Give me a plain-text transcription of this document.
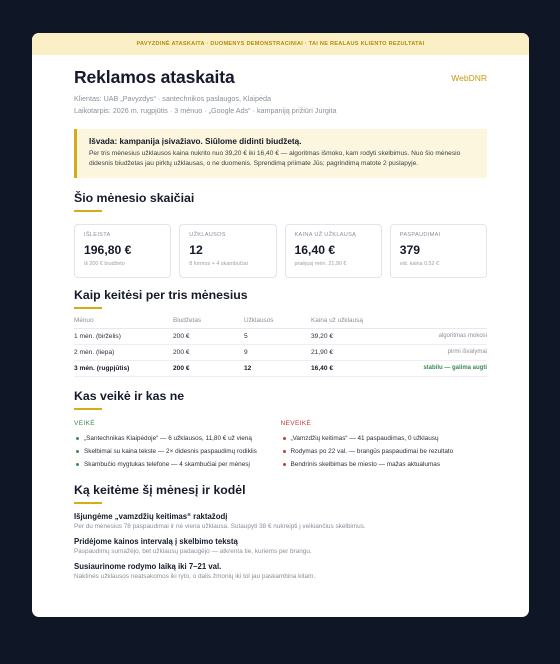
PAVYZDINĖ ATASKAITA · DUOMENYS DEMONSTRACINIAI · TAI NE REALAUS KLIENTO REZULTATAI
Reklamos ataskaita	WebDNR
Klientas: UAB „Pavyzdys“ · santechnikos paslaugos, Klaipėda
Laikotarpis: 2026 m. rugpjūtis · 3 mėnuo · „Google Ads“ · kampaniją prižiūri Jurgita
Išvada: kampanija įsivažiavo. Siūlome didinti biudžetą.
Per tris mėnesius užklausos kaina nukrito nuo 39,20 € iki 16,40 € — algoritmas išmoko, kam rodyti skelbimus. Nuo šio mėnesio didesnis biudžetas jau pirktų užklausas, o ne duomenis. Sprendimą priimate Jūs; pagrindimą matote 2 puslapyje.
Šio mėnesio skaičiai
IŠLEISTA
196,80 €
iš 200 € biudžeto
UŽKLAUSOS
12
8 formos + 4 skambučiai
KAINA UŽ UŽKLAUSĄ
16,40 €
praėjusį mėn. 21,90 €
PASPAUDIMAI
379
vid. kaina 0,52 €
Kaip keitėsi per tris mėnesius
Mėnuo	Biudžetas	Užklausos	Kaina už užklausą	
1 mėn. (birželis)	200 €	5	39,20 €	algoritmas mokosi
2 mėn. (liepa)	200 €	9	21,90 €	pirmi išvalymai
3 mėn. (rugpjūtis)	200 €	12	16,40 €	stabilu — galima augti
Kas veikė ir kas ne
VEIKĖ
„Santechnikas Klaipėdoje“ — 6 užklausos, 11,80 € už vieną
Skelbimai su kaina tekste — 2× didesnis paspaudimų rodiklis
Skambučio mygtukas telefone — 4 skambučiai per mėnesį
NEVEIKĖ
„Vamzdžių keitimas“ — 41 paspaudimas, 0 užklausų
Rodymas po 22 val. — brangūs paspaudimai be rezultato
Bendrinis skelbimas be miesto — mažas aktualumas
Ką keitėme šį mėnesį ir kodėl
Išjungėme „vamzdžių keitimas“ raktažodį
Per du mėnesius 78 paspaudimai ir nė viena užklausa. Sutaupyti 38 € nukreipti į veikiančius skelbimus.
Pridėjome kainos intervalą į skelbimo tekstą
Paspaudimų sumažėjo, bet užklausų padaugėjo — atkrenta tie, kuriems per brangu.
Susiaurinome rodymo laiką iki 7–21 val.
Naktinės užklausos neatsakomos iki ryto, o dalis žmonių iki tol jau paskambina kitam.
